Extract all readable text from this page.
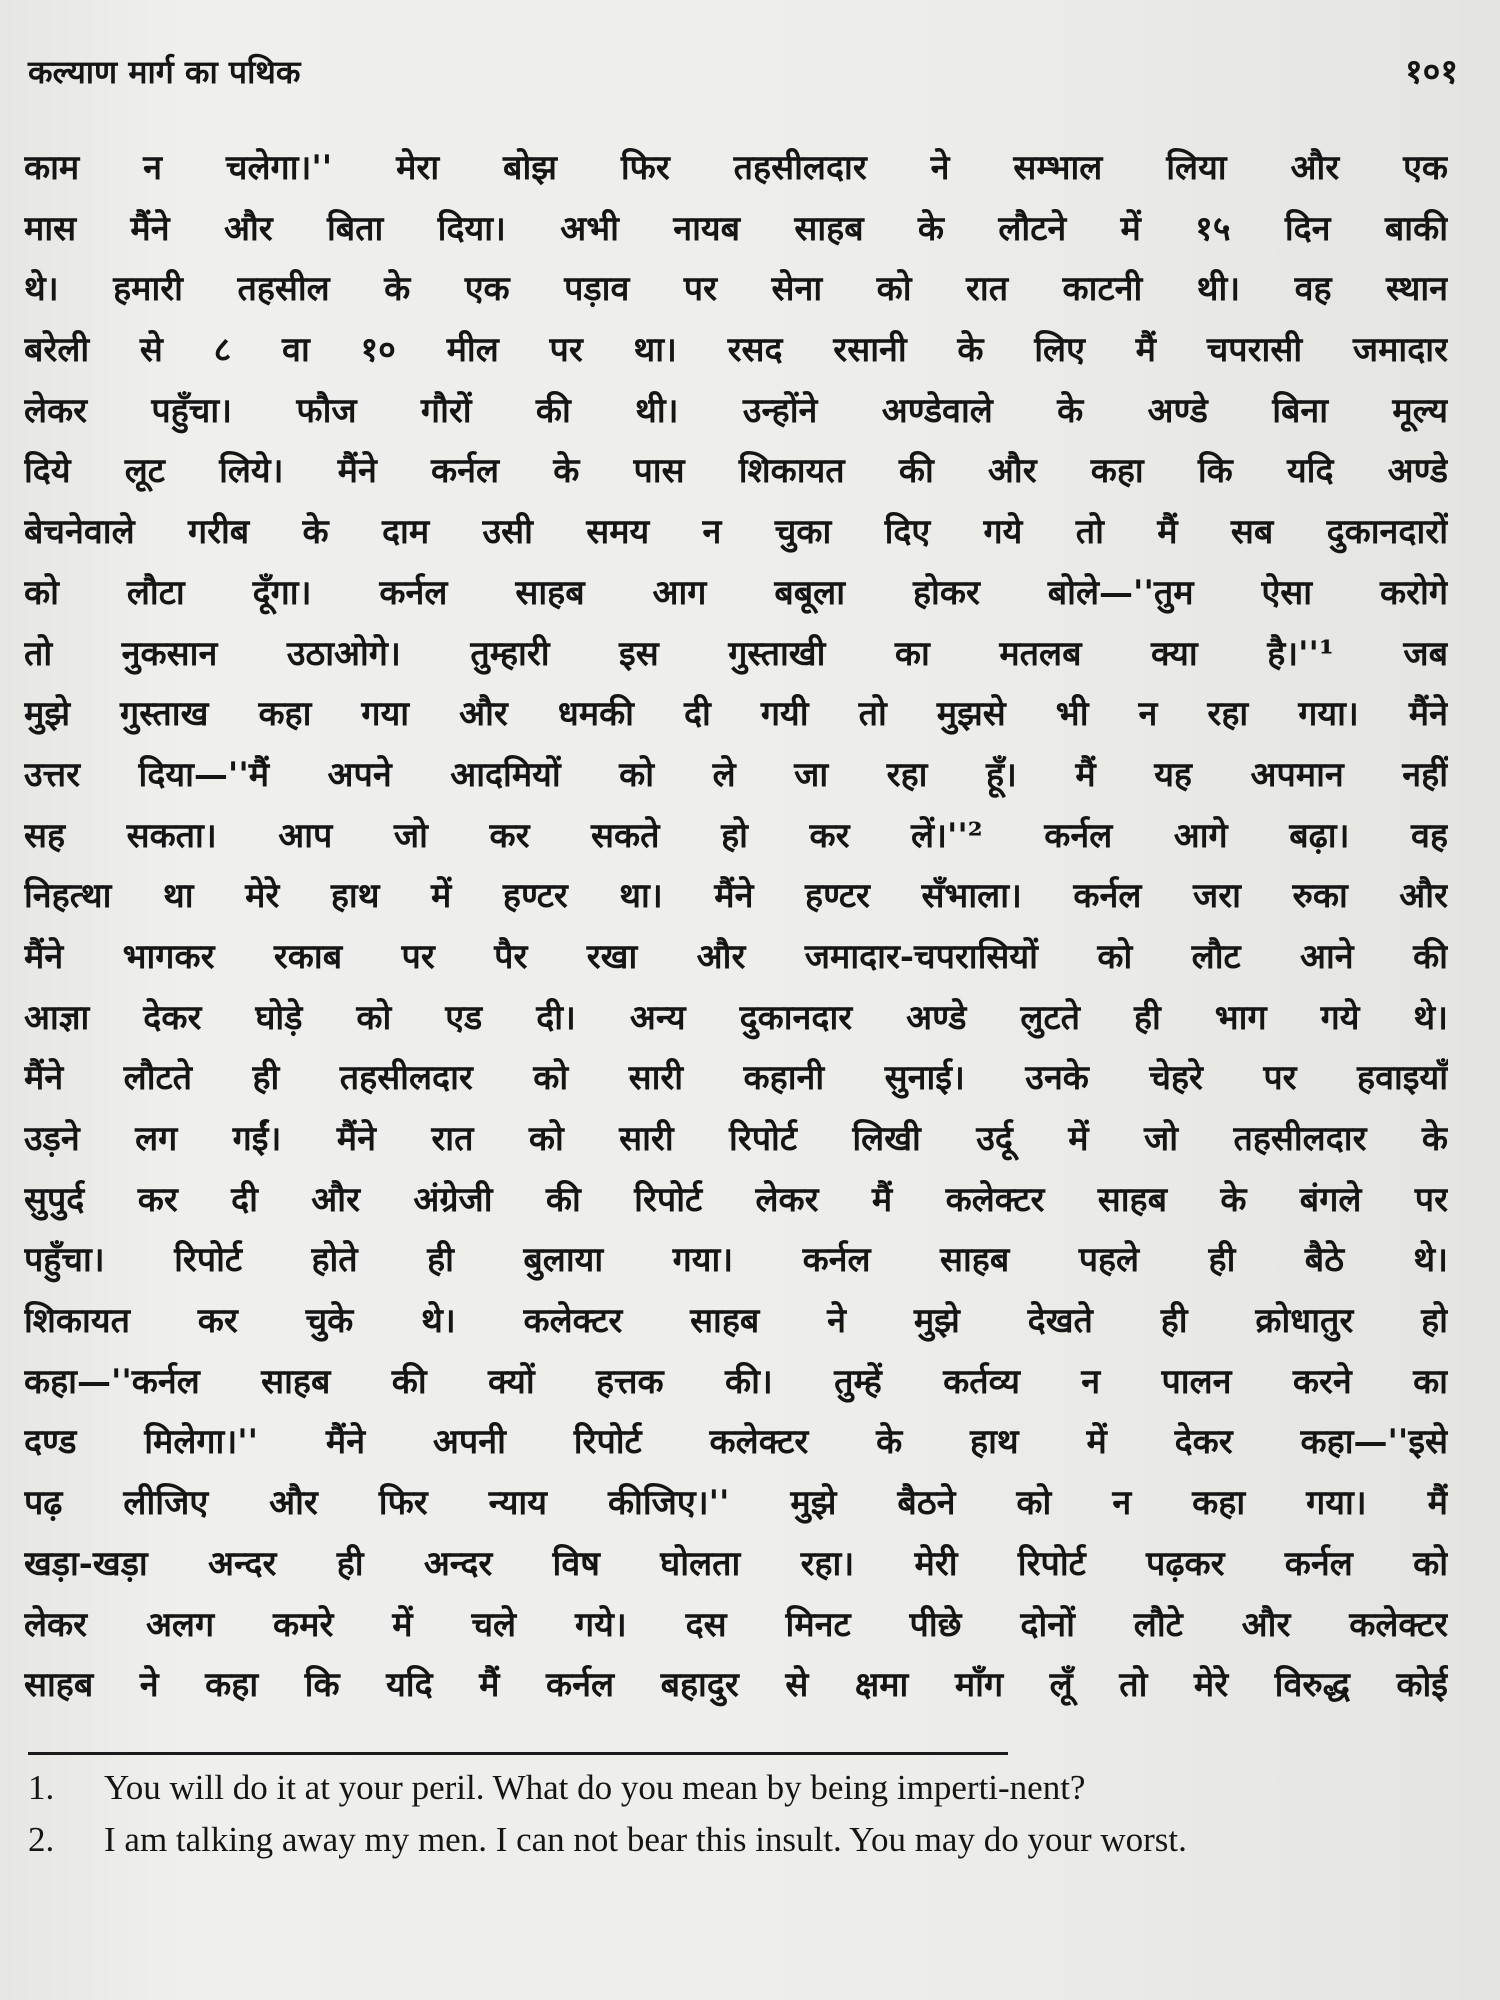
कल्याण मार्ग का पथिक	१०१
काम न चलेगा।'' मेरा बोझ फिर तहसीलदार ने सम्भाल लिया और एक
मास मैंने और बिता दिया। अभी नायब साहब के लौटने में १५ दिन बाकी
थे। हमारी तहसील के एक पड़ाव पर सेना को रात काटनी थी। वह स्थान
बरेली से ८ वा १० मील पर था। रसद रसानी के लिए मैं चपरासी जमादार
लेकर पहुँचा। फौज गौरों की थी। उन्होंने अण्डेवाले के अण्डे बिना मूल्य
दिये लूट लिये। मैंने कर्नल के पास शिकायत की और कहा कि यदि अण्डे
बेचनेवाले गरीब के दाम उसी समय न चुका दिए गये तो मैं सब दुकानदारों
को लौटा दूँगा। कर्नल साहब आग बबूला होकर बोले—''तुम ऐसा करोगे
तो नुकसान उठाओगे। तुम्हारी इस गुस्ताखी का मतलब क्या है।''¹ जब
मुझे गुस्ताख कहा गया और धमकी दी गयी तो मुझसे भी न रहा गया। मैंने
उत्तर दिया—''मैं अपने आदमियों को ले जा रहा हूँ। मैं यह अपमान नहीं
सह सकता। आप जो कर सकते हो कर लें।''² कर्नल आगे बढ़ा। वह
निहत्था था मेरे हाथ में हण्टर था। मैंने हण्टर सँभाला। कर्नल जरा रुका और
मैंने भागकर रकाब पर पैर रखा और जमादार-चपरासियों को लौट आने की
आज्ञा देकर घोड़े को एड दी। अन्य दुकानदार अण्डे लुटते ही भाग गये थे।
मैंने लौटते ही तहसीलदार को सारी कहानी सुनाई। उनके चेहरे पर हवाइयाँ
उड़ने लग गईं। मैंने रात को सारी रिपोर्ट लिखी उर्दू में जो तहसीलदार के
सुपुर्द कर दी और अंग्रेजी की रिपोर्ट लेकर मैं कलेक्टर साहब के बंगले पर
पहुँचा। रिपोर्ट होते ही बुलाया गया। कर्नल साहब पहले ही बैठे थे।
शिकायत कर चुके थे। कलेक्टर साहब ने मुझे देखते ही क्रोधातुर हो
कहा—''कर्नल साहब की क्यों हत्तक की। तुम्हें कर्तव्य न पालन करने का
दण्ड मिलेगा।'' मैंने अपनी रिपोर्ट कलेक्टर के हाथ में देकर कहा—''इसे
पढ़ लीजिए और फिर न्याय कीजिए।'' मुझे बैठने को न कहा गया। मैं
खड़ा-खड़ा अन्दर ही अन्दर विष घोलता रहा। मेरी रिपोर्ट पढ़कर कर्नल को
लेकर अलग कमरे में चले गये। दस मिनट पीछे दोनों लौटे और कलेक्टर
साहब ने कहा कि यदि मैं कर्नल बहादुर से क्षमा माँग लूँ तो मेरे विरुद्ध कोई
1. You will do it at your peril. What do you mean by being imperti-nent?
2. I am talking away my men. I can not bear this insult. You may do your worst.
